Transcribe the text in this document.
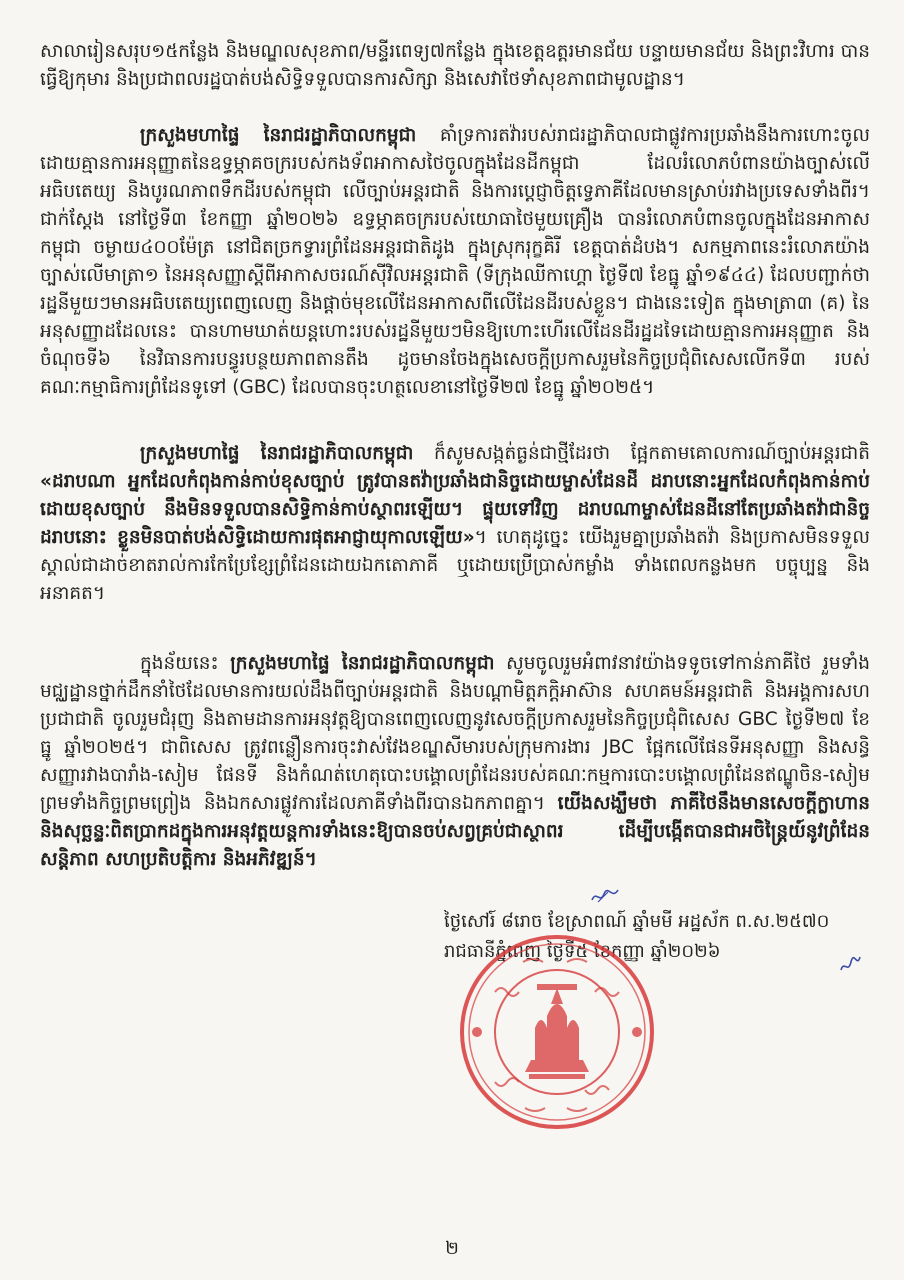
សាលារៀនសរុប១៥កន្លែង និងមណ្ឌលសុខភាព/មន្ទីរពេទ្យ៧កន្លែង ក្នុងខេត្តឧត្តរមានជ័យ បន្ទាយមានជ័យ និងព្រះវិហារ បានធ្វើឱ្យកុមារ និងប្រជាពលរដ្ឋបាត់បង់សិទ្ធិទទួលបានការសិក្សា និងសេវាថែទាំសុខភាពជាមូលដ្ឋាន។

ក្រសួងមហាផ្ទៃ នៃរាជរដ្ឋាភិបាលកម្ពុជា គាំទ្រការតវ៉ារបស់រាជរដ្ឋាភិបាលជាផ្លូវការប្រឆាំងនឹងការហោះចូលដោយគ្មានការអនុញ្ញាតនៃឧទ្ធម្ភាគចក្រ​របស់កងទ័ពអាកាសថៃចូលក្នុងដែនដីកម្ពុជា ដែលរំលោភបំពានយ៉ាងច្បាស់លើអធិបតេយ្យ និងបូរណភាពទឹកដីរបស់កម្ពុជា លើច្បាប់អន្តរជាតិ និងការប្តេជ្ញាចិត្តទ្វេភាគីដែលមានស្រាប់រវាងប្រទេសទាំងពីរ។ ជាក់ស្តែង នៅថ្ងៃទី៣ ខែកញ្ញា ឆ្នាំ២០២៦ ឧទ្ធម្ភាគចក្ររបស់យោធាថៃមួយគ្រឿង បានរំលោភបំពានចូលក្នុងដែនអាកាសកម្ពុជា ចម្ងាយ៤០០ម៉ែត្រ នៅជិតច្រកទ្វារព្រំដែនអន្តរជាតិដូង ក្នុងស្រុករុក្ខគិរី ខេត្តបាត់ដំបង។ សកម្មភាពនេះរំលោភយ៉ាងច្បាស់លើមាត្រា១ នៃអនុសញ្ញាស្តីពីអាកាសចរណ៍ស៊ីវិលអន្តរជាតិ (ទីក្រុងឈីកាហ្គោ ថ្ងៃទី៧ ខែធ្នូ ឆ្នាំ១៩៤៤) ដែលបញ្ជាក់ថា រដ្ឋនីមួយៗមានអធិបតេយ្យពេញលេញ និងផ្តាច់មុខលើដែនអាកាសពីលើដែនដីរបស់ខ្លួន។ ជាងនេះទៀត ក្នុងមាត្រា៣ (គ) នៃអនុសញ្ញាដដែលនេះ បានហាមឃាត់យន្តហោះរបស់រដ្ឋនីមួយៗមិនឱ្យហោះហើរលើដែនដីរដ្ឋដទៃដោយគ្មានការអនុញ្ញាត និងចំណុចទី៦ នៃវិធានការបន្ធូរបន្ថយភាពតានតឹង ដូចមានចែងក្នុងសេចក្តីប្រកាសរួមនៃកិច្ចប្រជុំពិសេសលើកទី៣ របស់គណៈកម្មាធិការព្រំដែនទូទៅ (GBC) ដែលបានចុះហត្ថលេខានៅថ្ងៃទី២៧ ខែធ្នូ ឆ្នាំ២០២៥។

ក្រសួងមហាផ្ទៃ នៃរាជរដ្ឋាភិបាលកម្ពុជា ក៏សូមសង្កត់ធ្ងន់ជាថ្មីដែរថា ផ្អែកតាមគោលការណ៍ច្បាប់អន្តរជាតិ «ដរាបណា អ្នកដែលកំពុងកាន់កាប់ខុសច្បាប់ ត្រូវបានតវ៉ាប្រឆាំងជានិច្ចដោយម្ចាស់ដែនដី ដរាបនោះអ្នកដែលកំពុងកាន់កាប់ដោយខុសច្បាប់ នឹងមិនទទួលបានសិទ្ធិកាន់កាប់ស្ថាពរឡើយ។ ផ្ទុយទៅវិញ ដរាបណាម្ចាស់ដែនដីនៅតែប្រឆាំងតវ៉ាជានិច្ច ដរាបនោះ ខ្លួនមិនបាត់បង់សិទ្ធិដោយការផុតអាជ្ញាយុកាលឡើយ»។ ហេតុដូច្នេះ យើងរួមគ្នាប្រឆាំងតវ៉ា និងប្រកាសមិនទទួលស្គាល់ជាដាច់ខាតរាល់ការកែប្រែខ្សែព្រំដែនដោយឯកតោភាគី ឬដោយប្រើប្រាស់កម្លាំង ទាំងពេលកន្លងមក បច្ចុប្បន្ន និងអនាគត។

ក្នុងន័យនេះ ក្រសួងមហាផ្ទៃ នៃរាជរដ្ឋាភិបាលកម្ពុជា សូមចូលរួមអំពាវនាវយ៉ាងទទូចទៅកាន់ភាគីថៃ រួមទាំងមជ្ឈដ្ឋានថ្នាក់ដឹកនាំថៃដែលមានការយល់ដឹងពីច្បាប់អន្តរជាតិ និងបណ្តាមិត្តភក្តិអាស៊ាន សហគមន៍អន្តរជាតិ និងអង្គការសហប្រជាជាតិ ចូលរួមជំរុញ និងតាមដានការអនុវត្តឱ្យបានពេញលេញនូវសេចក្តីប្រកាសរួមនៃកិច្ចប្រជុំពិសេស GBC ថ្ងៃទី២៧ ខែធ្នូ ឆ្នាំ២០២៥។ ជាពិសេស ត្រូវពន្លឿនការចុះវាស់វែងខណ្ឌសីមារបស់ក្រុមការងារ JBC ផ្អែកលើផែនទីអនុសញ្ញា និងសន្ធិសញ្ញារវាងបារាំង-សៀម ផែនទី និងកំណត់ហេតុបោះបង្គោលព្រំដែនរបស់គណៈកម្មការបោះបង្គោលព្រំដែនឥណ្ឌូចិន-សៀម ព្រមទាំងកិច្ចព្រមព្រៀង និងឯកសារផ្លូវការដែលភាគីទាំងពីរបានឯកភាពគ្នា។ យើងសង្ឃឹមថា ភាគីថៃនឹងមានសេចក្តីក្លាហាន និងសុច្ឆន្ទៈពិតប្រាកដក្នុងការអនុវត្តយន្តការទាំងនេះឱ្យបានចប់សព្វគ្រប់ជាស្ថាពរ ដើម្បីបង្កើតបានជាអចិន្ត្រៃយ៍នូវព្រំដែនសន្តិភាព សហប្រតិបត្តិការ និងអភិវឌ្ឍន៍។

ថ្ងៃសៅរ៍ ៨រោច ខែស្រាពណ៍ ឆ្នាំមមី អដ្ឋស័ក ព.ស.២៥៧០
រាជធានីភ្នំពេញ ថ្ងៃទី៥ ខែកញ្ញា ឆ្នាំ២០២៦
២
